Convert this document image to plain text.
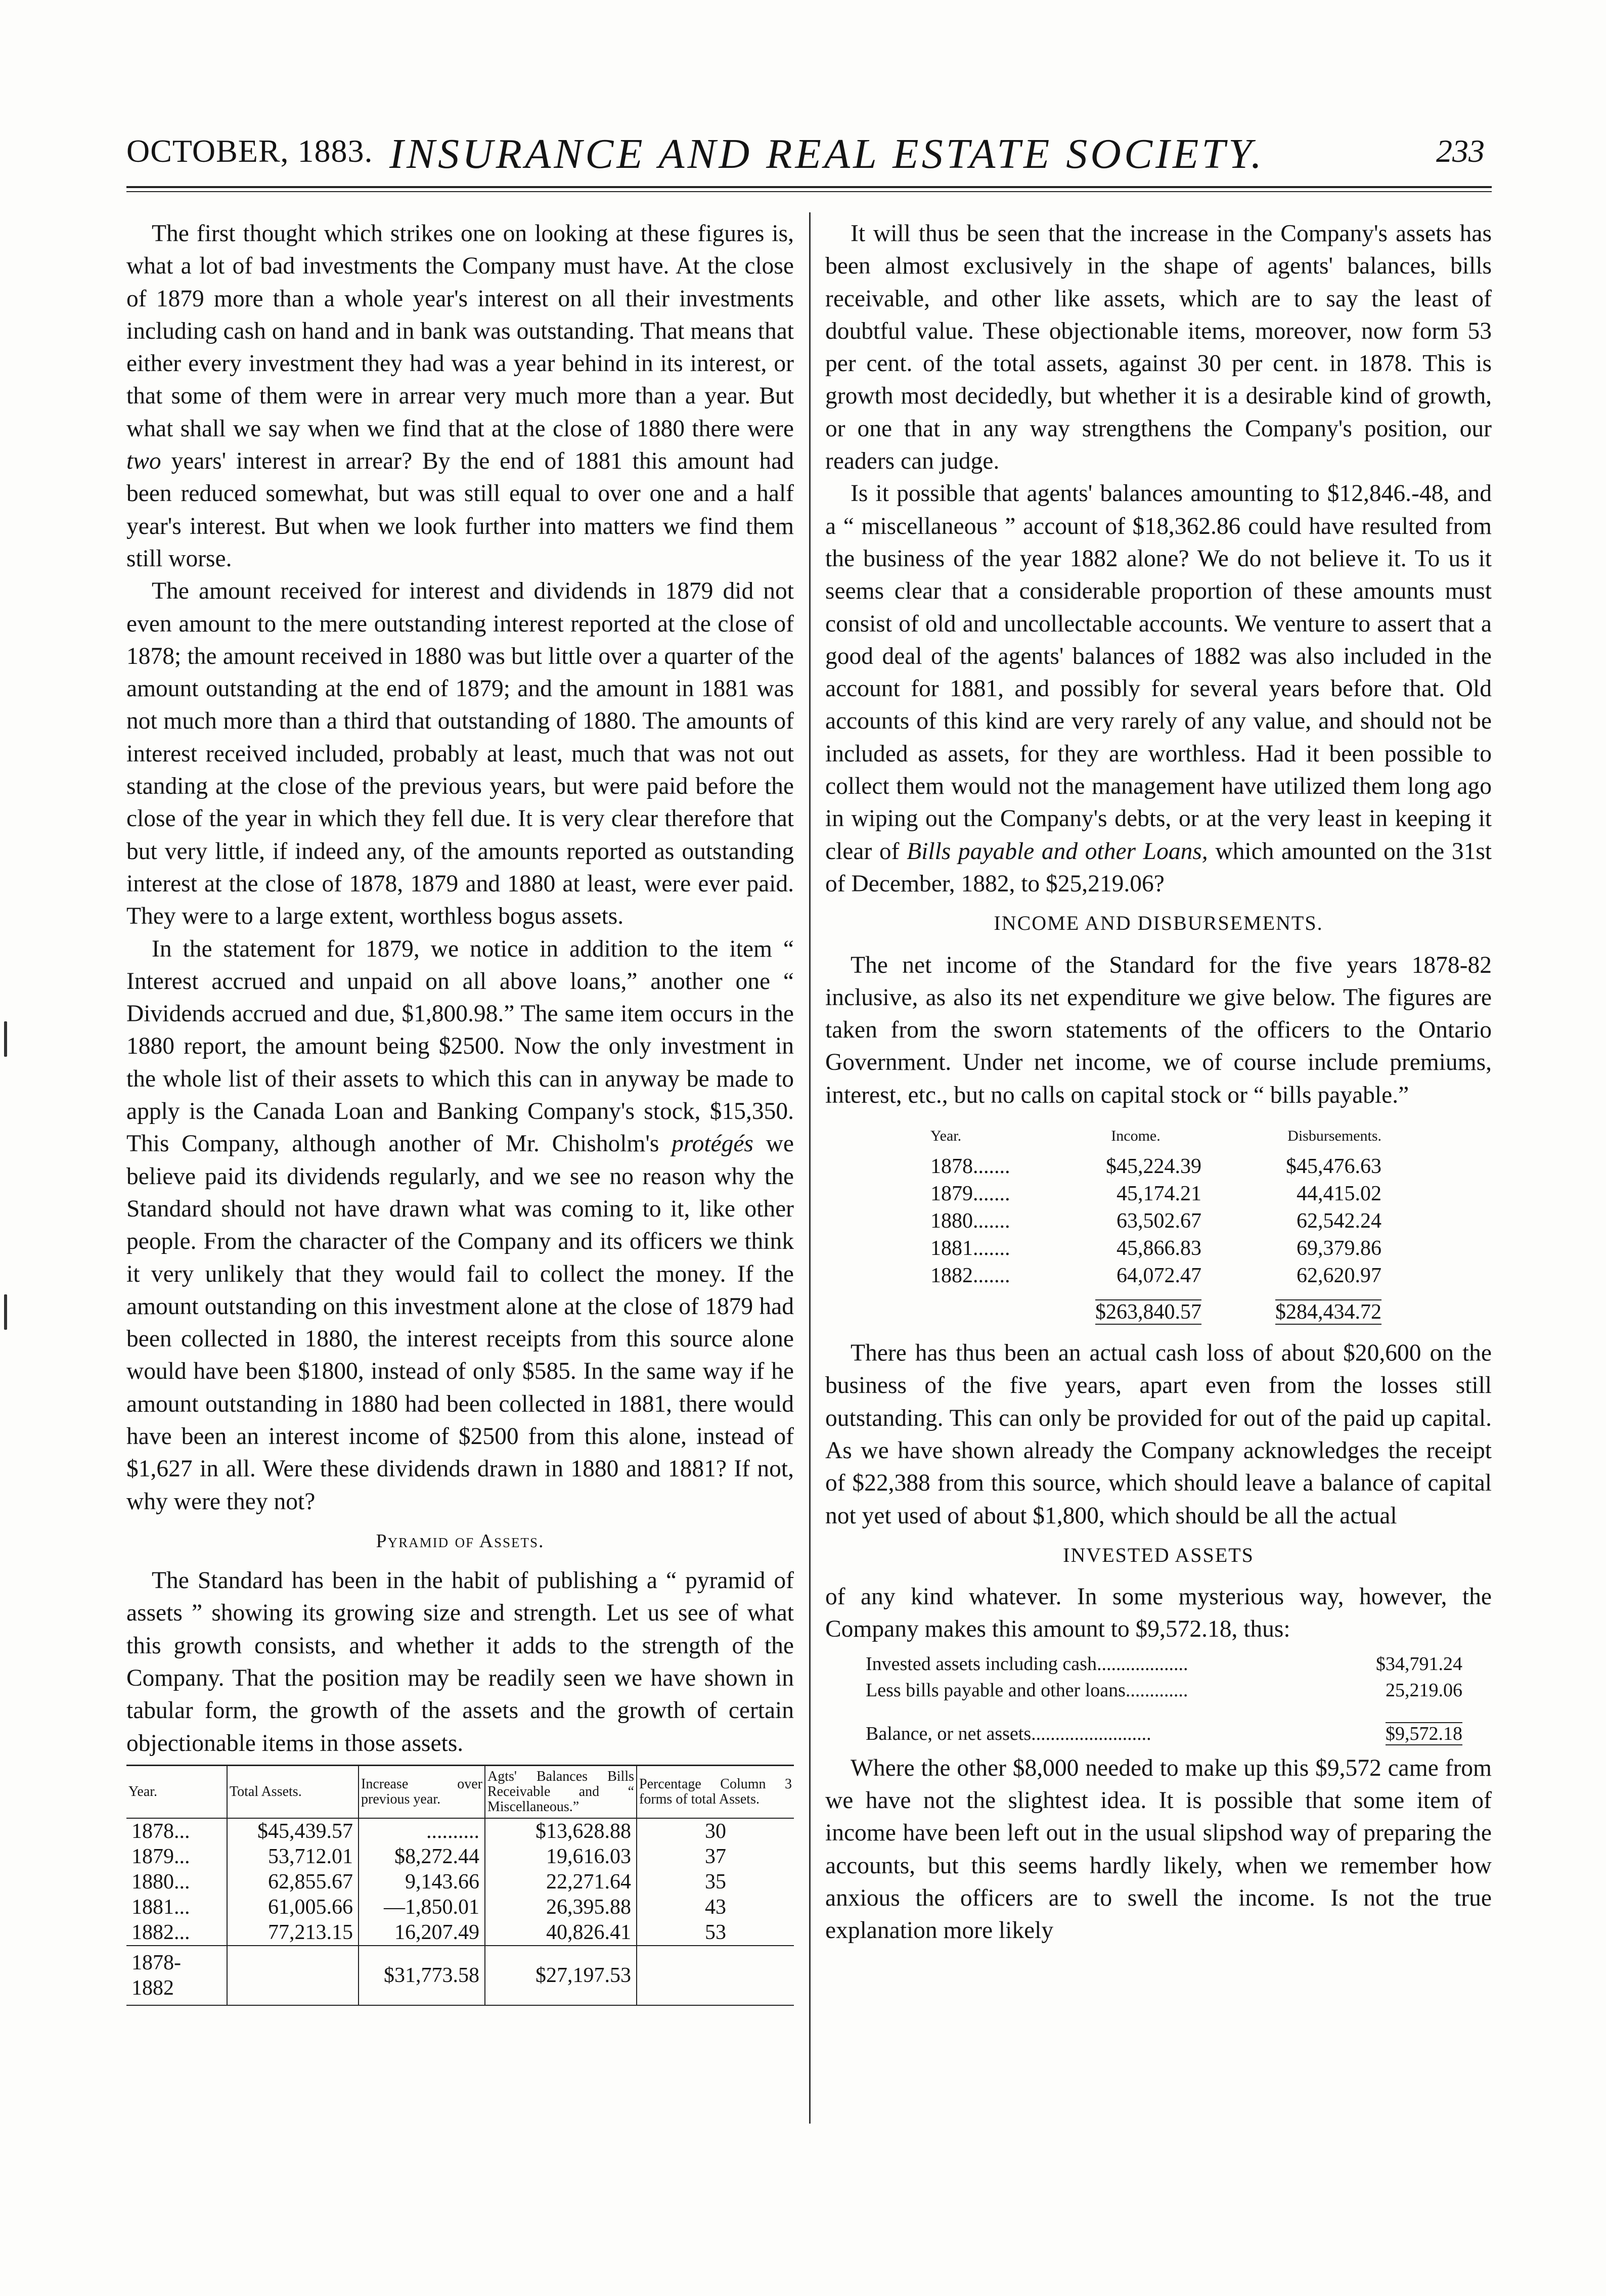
OCTOBER, 1883. INSURANCE AND REAL ESTATE SOCIETY.	233

The first thought which strikes one on looking at these figures is, what a lot of bad investments the Company must have. At the close of 1879 more than a whole year's interest on all their investments including cash on hand and in bank was outstanding. That means that either every investment they had was a year behind in its interest, or that some of them were in arrear very much more than a year. But what shall we say when we find that at the close of 1880 there were two years' interest in arrear? By the end of 1881 this amount had been reduced somewhat, but was still equal to over one and a half year's interest. But when we look further into matters we find them still worse.

The amount received for interest and dividends in 1879 did not even amount to the mere outstanding interest reported at the close of 1878; the amount received in 1880 was but little over a quarter of the amount outstanding at the end of 1879; and the amount in 1881 was not much more than a third that outstanding of 1880. The amounts of interest received included, probably at least, much that was not out standing at the close of the previous years, but were paid before the close of the year in which they fell due. It is very clear therefore that but very little, if indeed any, of the amounts reported as outstanding interest at the close of 1878, 1879 and 1880 at least, were ever paid. They were to a large extent, worthless bogus assets.

In the statement for 1879, we notice in addition to the item “ Interest accrued and unpaid on all above loans,” another one “ Dividends accrued and due, $1,800.98.” The same item occurs in the 1880 report, the amount being $2500. Now the only investment in the whole list of their assets to which this can in anyway be made to apply is the Canada Loan and Banking Company's stock, $15,350. This Company, although another of Mr. Chisholm's protégés we believe paid its dividends regularly, and we see no reason why the Standard should not have drawn what was coming to it, like other people. From the character of the Company and its officers we think it very unlikely that they would fail to collect the money. If the amount outstanding on this investment alone at the close of 1879 had been collected in 1880, the interest receipts from this source alone would have been $1800, instead of only $585. In the same way if he amount outstanding in 1880 had been collected in 1881, there would have been an interest income of $2500 from this alone, instead of $1,627 in all. Were these dividends drawn in 1880 and 1881? If not, why were they not?

Pyramid of Assets.

The Standard has been in the habit of publishing a “ pyramid of assets ” showing its growing size and strength. Let us see of what this growth consists, and whether it adds to the strength of the Company. That the position may be readily seen we have shown in tabular form, the growth of the assets and the growth of certain objectionable items in those assets.

Year.	Total Assets.	Increase over previous year.	Agts' Balances Bills Receivable and “ Miscellaneous.”	Percentage Column 3 forms of total Assets.
1878...	$45,439.57	..........	$13,628.88	30
1879...	53,712.01	$8,272.44	19,616.03	37
1880...	62,855.67	9,143.66	22,271.64	35
1881...	61,005.66	—1,850.01	26,395.88	43
1882...	77,213.15	16,207.49	40,826.41	53
1878-1882		$31,773.58	$27,197.53	

It will thus be seen that the increase in the Company's assets has been almost exclusively in the shape of agents' balances, bills receivable, and other like assets, which are to say the least of doubtful value. These objectionable items, moreover, now form 53 per cent. of the total assets, against 30 per cent. in 1878. This is growth most decidedly, but whether it is a desirable kind of growth, or one that in any way strengthens the Company's position, our readers can judge.

Is it possible that agents' balances amounting to $12,846.-48, and a “ miscellaneous ” account of $18,362.86 could have resulted from the business of the year 1882 alone? We do not believe it. To us it seems clear that a considerable proportion of these amounts must consist of old and uncollectable accounts. We venture to assert that a good deal of the agents' balances of 1882 was also included in the account for 1881, and possibly for several years before that. Old accounts of this kind are very rarely of any value, and should not be included as assets, for they are worthless. Had it been possible to collect them would not the management have utilized them long ago in wiping out the Company's debts, or at the very least in keeping it clear of Bills payable and other Loans, which amounted on the 31st of December, 1882, to $25,219.06?

INCOME AND DISBURSEMENTS.

The net income of the Standard for the five years 1878-82 inclusive, as also its net expenditure we give below. The figures are taken from the sworn statements of the officers to the Ontario Government. Under net income, we of course include premiums, interest, etc., but no calls on capital stock or “ bills payable.”

Year.	Income.	Disbursements.
1878.......	$45,224.39	$45,476.63
1879.......	45,174.21	44,415.02
1880.......	63,502.67	62,542.24
1881.......	45,866.83	69,379.86
1882.......	64,072.47	62,620.97
	$263,840.57	$284,434.72

There has thus been an actual cash loss of about $20,600 on the business of the five years, apart even from the losses still outstanding. This can only be provided for out of the paid up capital. As we have shown already the Company acknowledges the receipt of $22,388 from this source, which should leave a balance of capital not yet used of about $1,800, which should be all the actual

INVESTED ASSETS

of any kind whatever. In some mysterious way, however, the Company makes this amount to $9,572.18, thus:

Invested assets including cash...................	$34,791.24
Less bills payable and other loans.............	25,219.06
Balance, or net assets.........................	$9,572.18

Where the other $8,000 needed to make up this $9,572 came from we have not the slightest idea. It is possible that some item of income have been left out in the usual slipshod way of preparing the accounts, but this seems hardly likely, when we remember how anxious the officers are to swell the income. Is not the true explanation more likely
